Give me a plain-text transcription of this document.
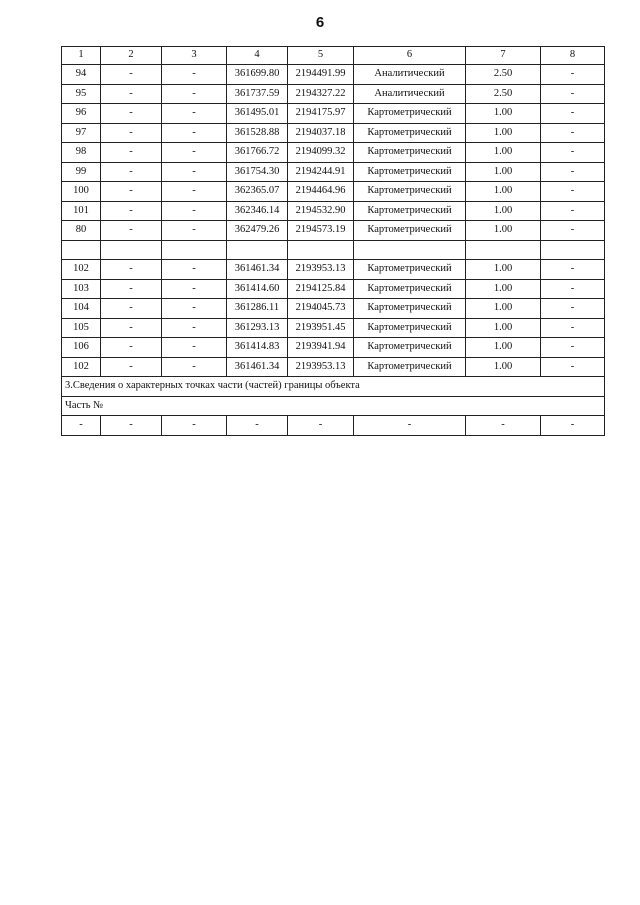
6
1	2	3	4	5	6	7	8
94	-	-	361699.80	2194491.99	Аналитический	2.50	-
95	-	-	361737.59	2194327.22	Аналитический	2.50	-
96	-	-	361495.01	2194175.97	Картометрический	1.00	-
97	-	-	361528.88	2194037.18	Картометрический	1.00	-
98	-	-	361766.72	2194099.32	Картометрический	1.00	-
99	-	-	361754.30	2194244.91	Картометрический	1.00	-
100	-	-	362365.07	2194464.96	Картометрический	1.00	-
101	-	-	362346.14	2194532.90	Картометрический	1.00	-
80	-	-	362479.26	2194573.19	Картометрический	1.00	-

102	-	-	361461.34	2193953.13	Картометрический	1.00	-
103	-	-	361414.60	2194125.84	Картометрический	1.00	-
104	-	-	361286.11	2194045.73	Картометрический	1.00	-
105	-	-	361293.13	2193951.45	Картометрический	1.00	-
106	-	-	361414.83	2193941.94	Картометрический	1.00	-
102	-	-	361461.34	2193953.13	Картометрический	1.00	-
3.Сведения о характерных точках части (частей) границы объекта							
Часть №							
-	-	-	-	-	-	-	-
